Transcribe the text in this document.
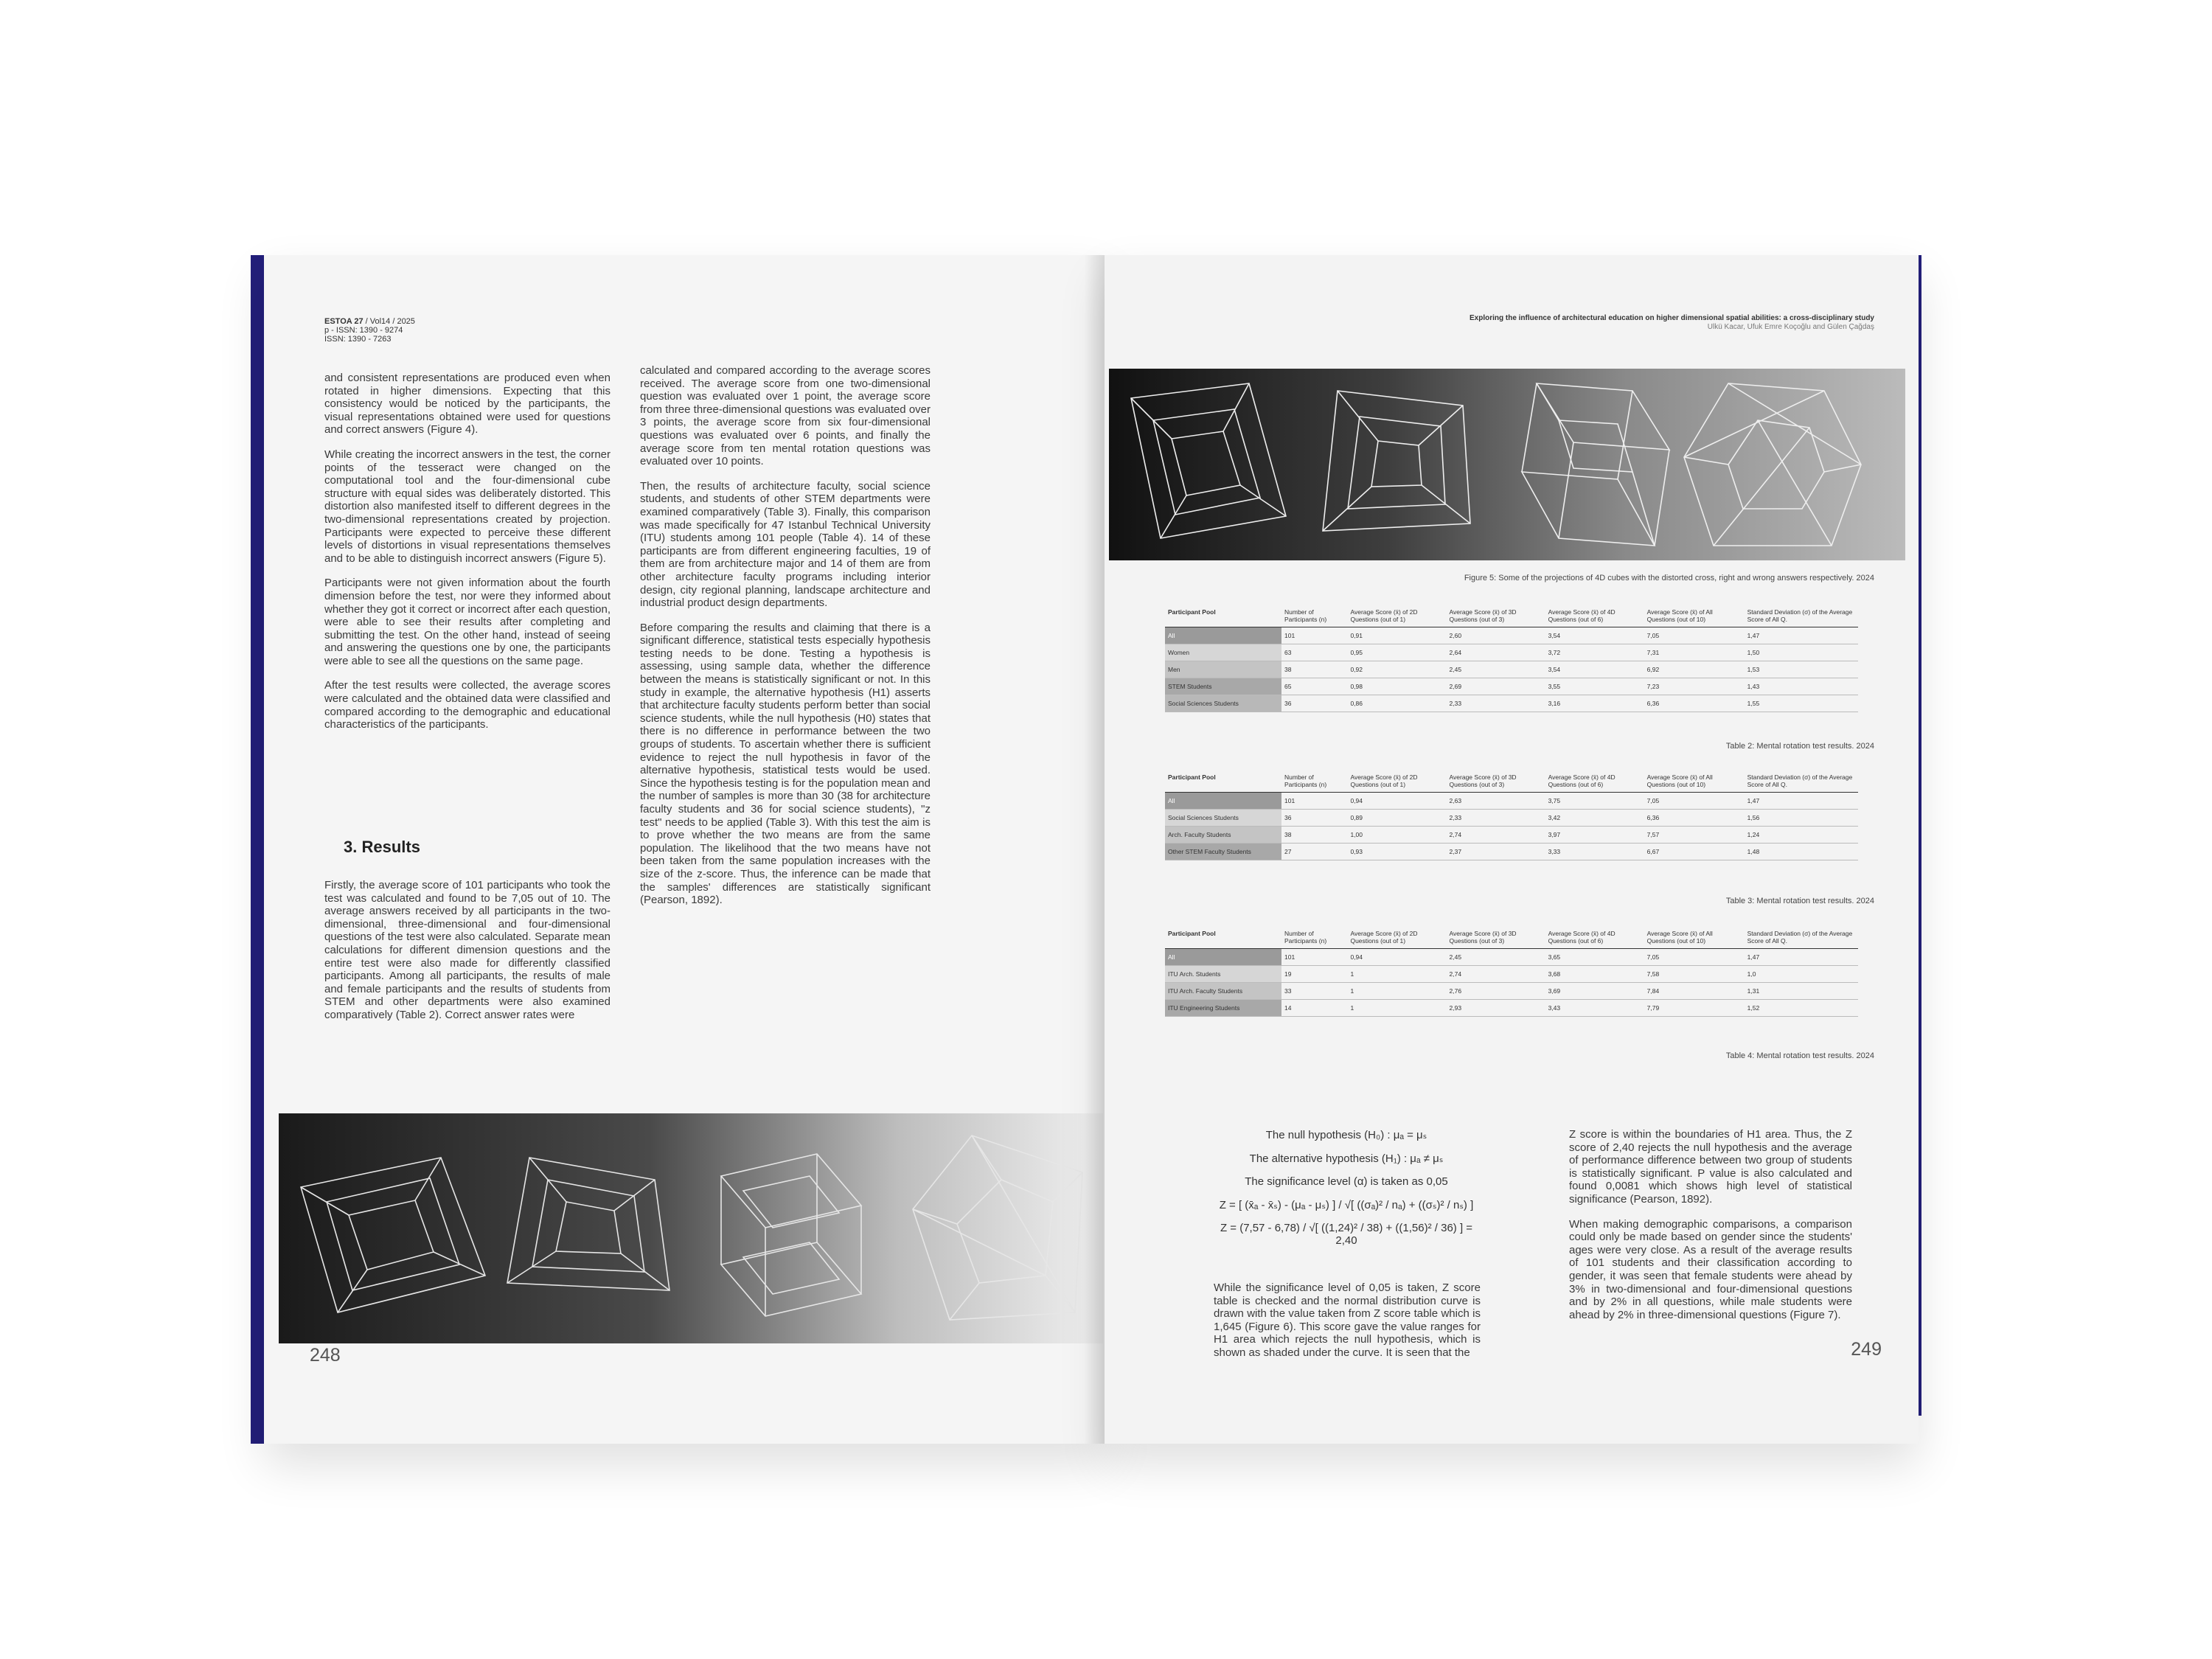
ESTOA 27 / Vol14 / 2025
p - ISSN: 1390 - 9274
ISSN: 1390 - 7263

and consistent representations are produced even when rotated in higher dimensions. Expecting that this consistency would be noticed by the participants, the visual representations obtained were used for questions and correct answers (Figure 4).

While creating the incorrect answers in the test, the corner points of the tesseract were changed on the computational tool and the four-dimensional cube structure with equal sides was deliberately distorted. This distortion also manifested itself to different degrees in the two-dimensional representations created by projection. Participants were expected to perceive these different levels of distortions in visual representations themselves and to be able to distinguish incorrect answers (Figure 5).

Participants were not given information about the fourth dimension before the test, nor were they informed about whether they got it correct or incorrect after each question, were able to see their results after completing and submitting the test. On the other hand, instead of seeing and answering the questions one by one, the participants were able to see all the questions on the same page.

After the test results were collected, the average scores were calculated and the obtained data were classified and compared according to the demographic and educational characteristics of the participants.

3. Results

Firstly, the average score of 101 participants who took the test was calculated and found to be 7,05 out of 10. The average answers received by all participants in the two-dimensional, three-dimensional and four-dimensional questions of the test were also calculated. Separate mean calculations for different dimension questions and the entire test were also made for differently classified participants. Among all participants, the results of male and female participants and the results of students from STEM and other departments were also examined comparatively (Table 2). Correct answer rates were

calculated and compared according to the average scores received. The average score from one two-dimensional question was evaluated over 1 point, the average score from three three-dimensional questions was evaluated over 3 points, the average score from six four-dimensional questions was evaluated over 6 points, and finally the average score from ten mental rotation questions was evaluated over 10 points.

Then, the results of architecture faculty, social science students, and students of other STEM departments were examined comparatively (Table 3). Finally, this comparison was made specifically for 47 Istanbul Technical University (ITU) students among 101 people (Table 4). 14 of these participants are from different engineering faculties, 19 of them are from architecture major and 14 of them are from other architecture faculty programs including interior design, city regional planning, landscape architecture and industrial product design departments.

Before comparing the results and claiming that there is a significant difference, statistical tests especially hypothesis testing needs to be done. Testing a hypothesis is assessing, using sample data, whether the difference between the means is statistically significant or not. In this study in example, the alternative hypothesis (H1) asserts that architecture faculty students perform better than social science students, while the null hypothesis (H0) states that there is no difference in performance between the two groups of students. To ascertain whether there is sufficient evidence to reject the null hypothesis in favor of the alternative hypothesis, statistical tests would be used. Since the hypothesis testing is for the population mean and the number of samples is more than 30 (38 for architecture faculty students and 36 for social science students), "z test" needs to be applied (Table 3). With this test the aim is to prove whether the two means are from the same population. The likelihood that the two means have not been taken from the same population increases with the size of the z-score. Thus, the inference can be made that the samples' differences are statistically significant (Pearson, 1892).

248
Exploring the influence of architectural education on higher dimensional spatial abilities: a cross-disciplinary study
Ulkü Kacar, Ufuk Emre Koçoğlu and Gülen Çağdaş
Figure 5: Some of the projections of 4D cubes with the distorted cross, right and wrong answers respectively. 2024
Participant Pool	Number of Participants (n)	Average Score (x̄) of 2D Questions (out of 1)	Average Score (x̄) of 3D Questions (out of 3)	Average Score (x̄) of 4D Questions (out of 6)	Average Score (x̄) of All Questions (out of 10)	Standard Deviation (σ) of the Average Score of All Q.
All	101	0,91	2,60	3,54	7,05	1,47
Women	63	0,95	2,64	3,72	7,31	1,50
Men	38	0,92	2,45	3,54	6,92	1,53
STEM Students	65	0,98	2,69	3,55	7,23	1,43
Social Sciences Students	36	0,86	2,33	3,16	6,36	1,55
Table 2: Mental rotation test results. 2024
Participant Pool	Number of Participants (n)	Average Score (x̄) of 2D Questions (out of 1)	Average Score (x̄) of 3D Questions (out of 3)	Average Score (x̄) of 4D Questions (out of 6)	Average Score (x̄) of All Questions (out of 10)	Standard Deviation (σ) of the Average Score of All Q.
All	101	0,94	2,63	3,75	7,05	1,47
Social Sciences Students	36	0,89	2,33	3,42	6,36	1,56
Arch. Faculty Students	38	1,00	2,74	3,97	7,57	1,24
Other STEM Faculty Students	27	0,93	2,37	3,33	6,67	1,48
Table 3: Mental rotation test results. 2024
Participant Pool	Number of Participants (n)	Average Score (x̄) of 2D Questions (out of 1)	Average Score (x̄) of 3D Questions (out of 3)	Average Score (x̄) of 4D Questions (out of 6)	Average Score (x̄) of All Questions (out of 10)	Standard Deviation (σ) of the Average Score of All Q.
All	101	0,94	2,45	3,65	7,05	1,47
ITU Arch. Students	19	1	2,74	3,68	7,58	1,0
ITU Arch. Faculty Students	33	1	2,76	3,69	7,84	1,31
ITU Engineering Students	14	1	2,93	3,43	7,79	1,52
Table 4: Mental rotation test results. 2024
The null hypothesis (H₀) : μₐ = μₛ
The alternative hypothesis (H₁) : μₐ ≠ μₛ
The significance level (α) is taken as 0,05
Z = [ (x̄ₐ - x̄ₛ) - (μₐ - μₛ) ] / √[ ((σₐ)² / nₐ) + ((σₛ)² / nₛ) ]
Z = (7,57 - 6,78) / √[ ((1,24)² / 38) + ((1,56)² / 36) ] = 2,40

While the significance level of 0,05 is taken, Z score table is checked and the normal distribution curve is drawn with the value taken from Z score table which is 1,645 (Figure 6). This score gave the value ranges for H1 area which rejects the null hypothesis, which is shown as shaded under the curve. It is seen that the

Z score is within the boundaries of H1 area. Thus, the Z score of 2,40 rejects the null hypothesis and the average of performance difference between two group of students is statistically significant. P value is also calculated and found 0,0081 which shows high level of statistical significance (Pearson, 1892).

When making demographic comparisons, a comparison could only be made based on gender since the students' ages were very close. As a result of the average results of 101 students and their classification according to gender, it was seen that female students were ahead by 3% in two-dimensional and four-dimensional questions and by 2% in all questions, while male students were ahead by 2% in three-dimensional questions (Figure 7).

249
